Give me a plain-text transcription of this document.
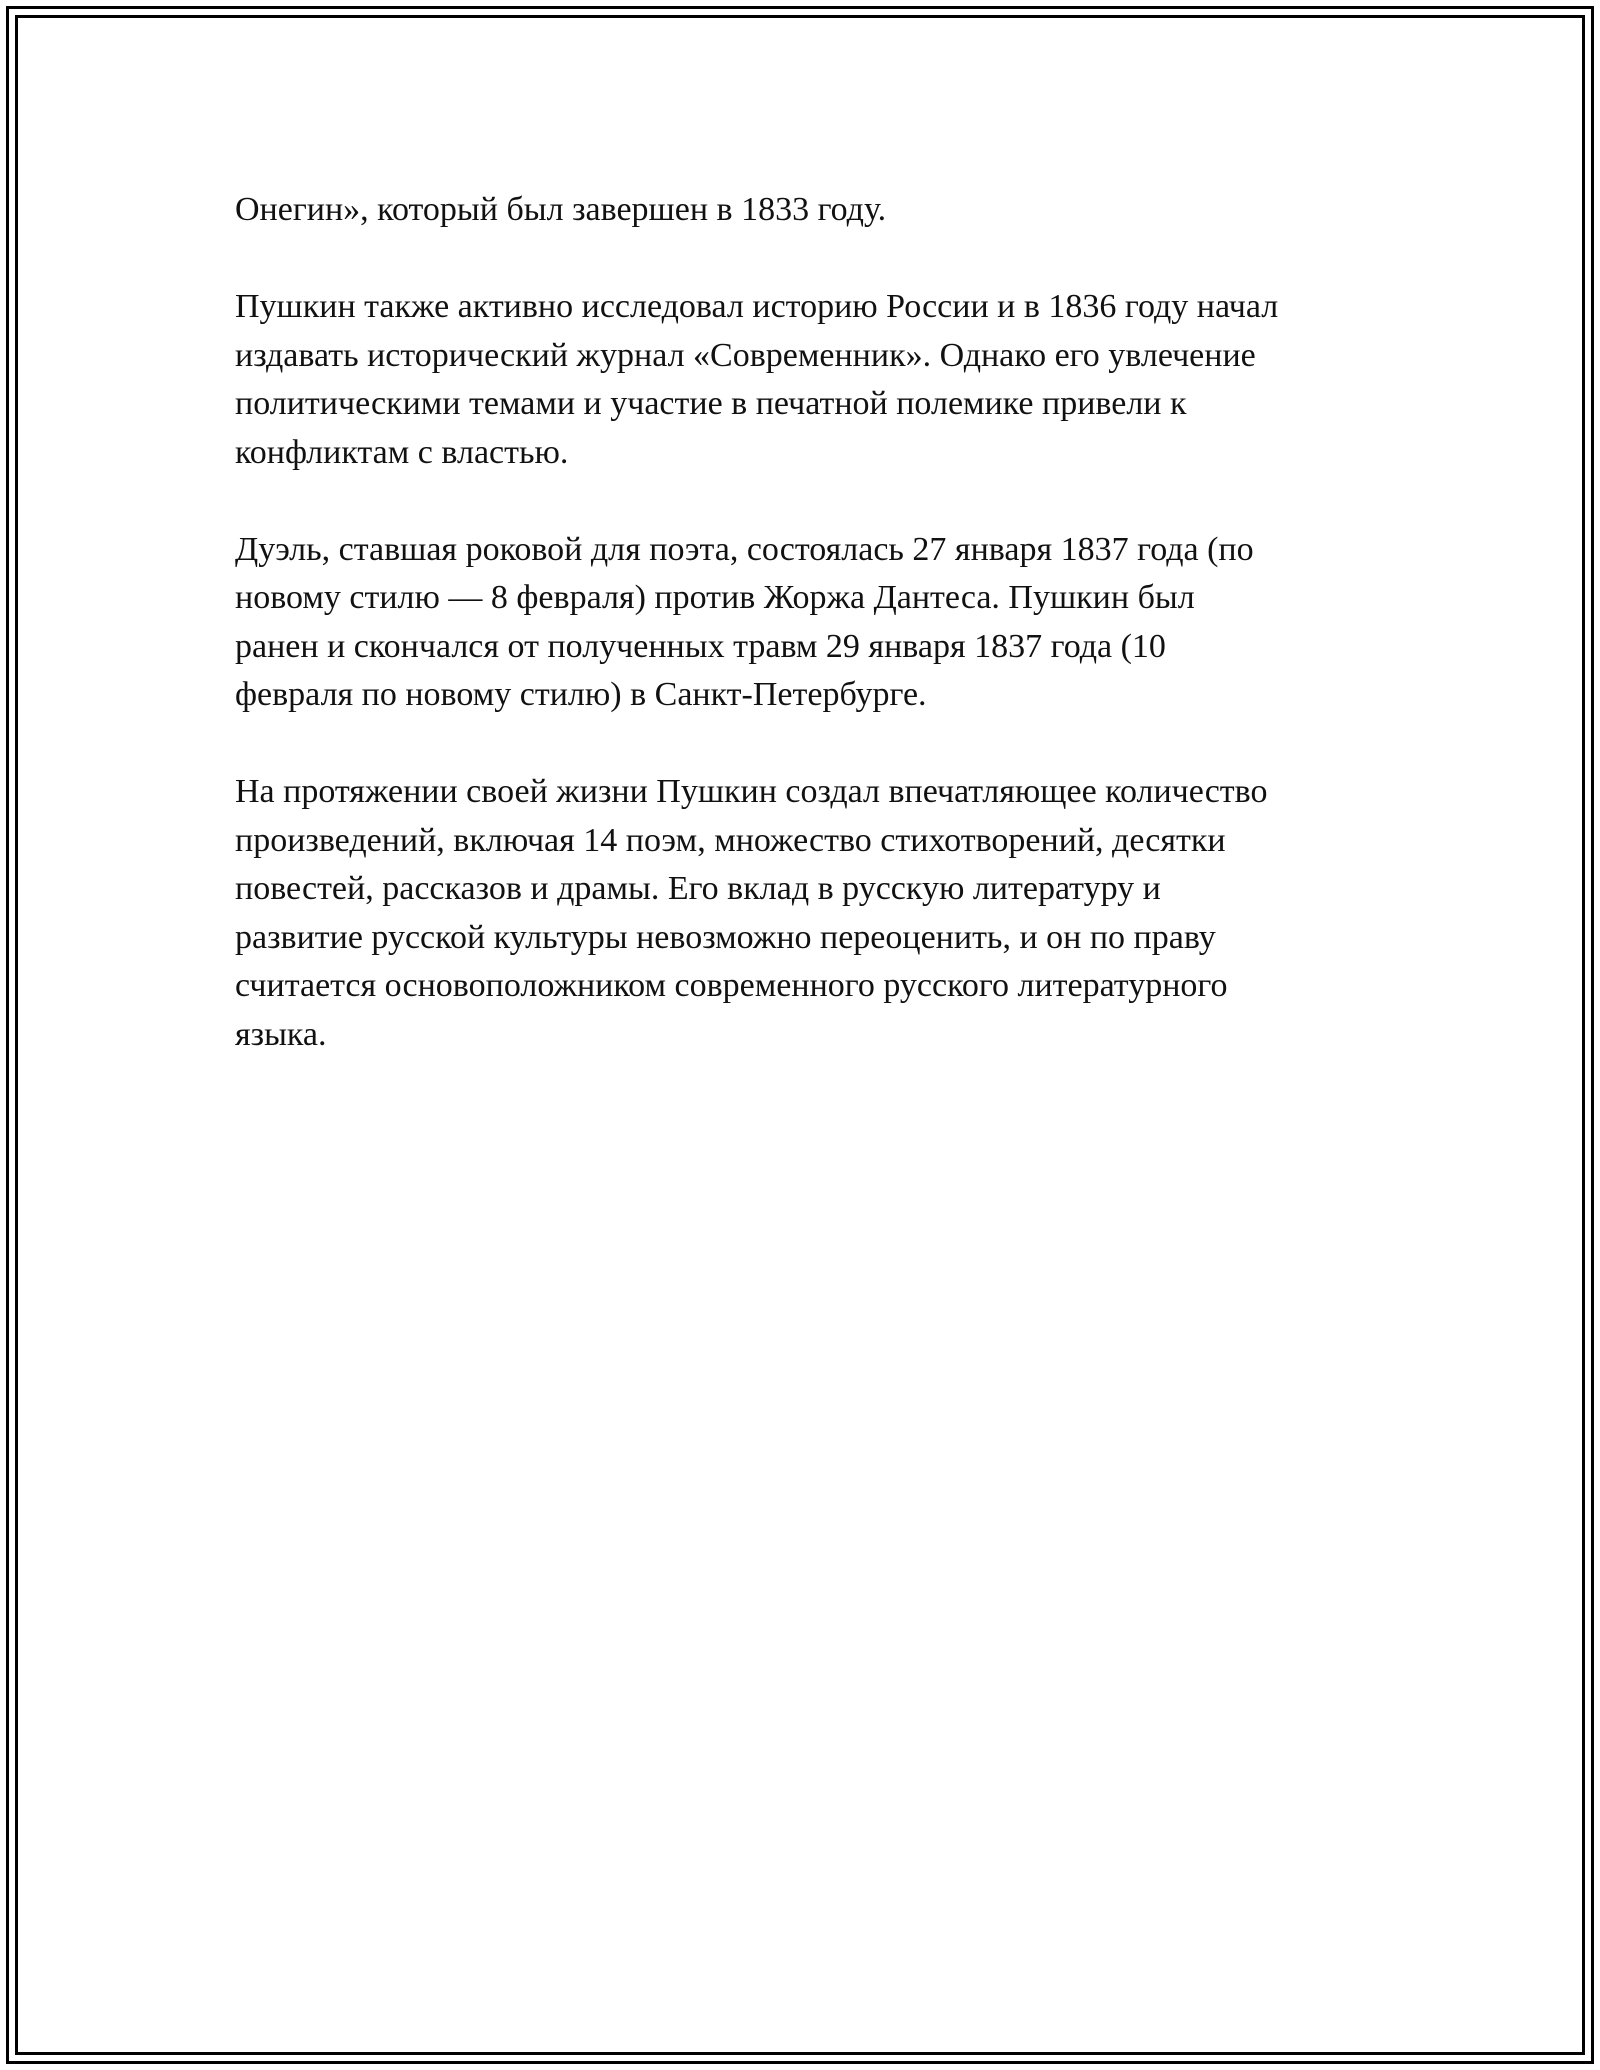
Онегин», который был завершен в 1833 году.

Пушкин также активно исследовал историю России и в 1836 году начал
издавать исторический журнал «Современник». Однако его увлечение
политическими темами и участие в печатной полемике привели к
конфликтам с властью.

Дуэль, ставшая роковой для поэта, состоялась 27 января 1837 года (по
новому стилю — 8 февраля) против Жоржа Дантеса. Пушкин был
ранен и скончался от полученных травм 29 января 1837 года (10
февраля по новому стилю) в Санкт-Петербурге.

На протяжении своей жизни Пушкин создал впечатляющее количество
произведений, включая 14 поэм, множество стихотворений, десятки
повестей, рассказов и драмы. Его вклад в русскую литературу и
развитие русской культуры невозможно переоценить, и он по праву
считается основоположником современного русского литературного
языка.
